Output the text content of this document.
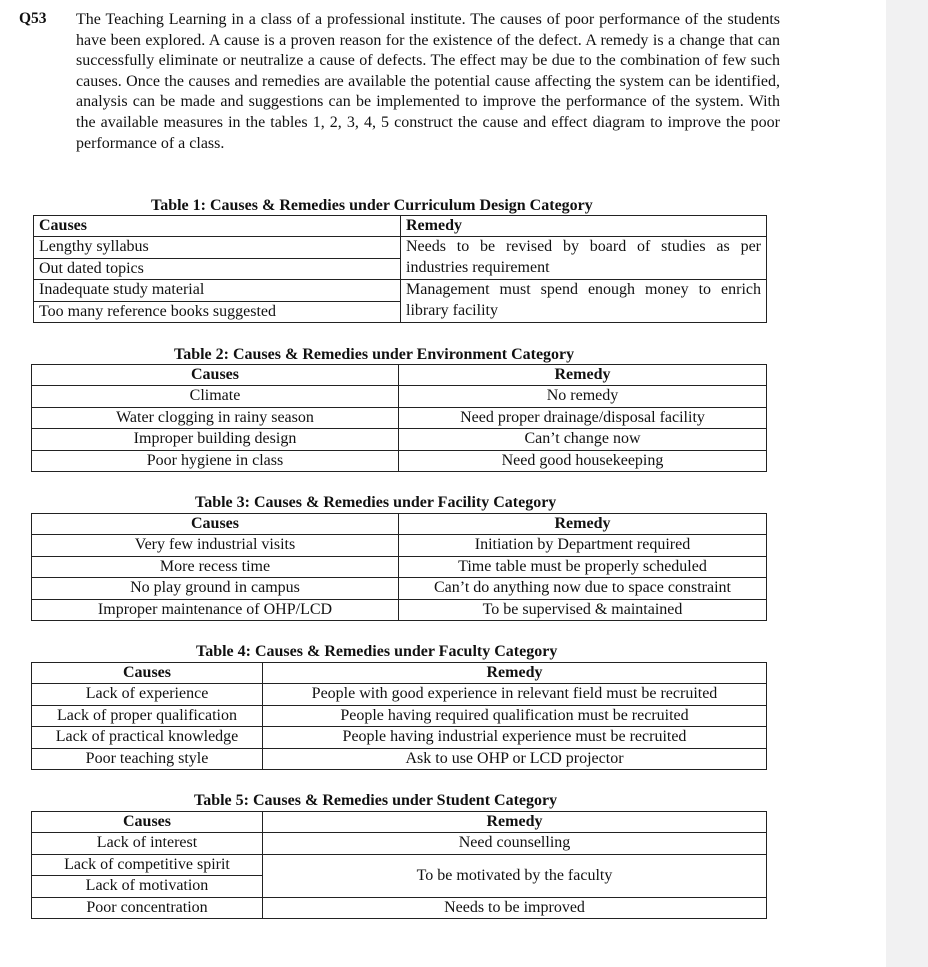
Q53 The Teaching Learning in a class of a professional institute. The causes of poor performance of the students have been explored. A cause is a proven reason for the existence of the defect. A remedy is a change that can successfully eliminate or neutralize a cause of defects. The effect may be due to the combination of few such causes. Once the causes and remedies are available the potential cause affecting the system can be identified, analysis can be made and suggestions can be implemented to improve the performance of the system. With the available measures in the tables 1, 2, 3, 4, 5 construct the cause and effect diagram to improve the poor performance of a class.

Table 1: Causes & Remedies under Curriculum Design Category
Causes	Remedy
Lengthy syllabus	Needs to be revised by board of studies as per industries requirement
Out dated topics	
Inadequate study material	Management must spend enough money to enrich library facility
Too many reference books suggested	
Table 2: Causes & Remedies under Environment Category
Causes	Remedy
Climate	No remedy
Water clogging in rainy season	Need proper drainage/disposal facility
Improper building design	Can’t change now
Poor hygiene in class	Need good housekeeping
Table 3: Causes & Remedies under Facility Category
Causes	Remedy
Very few industrial visits	Initiation by Department required
More recess time	Time table must be properly scheduled
No play ground in campus	Can’t do anything now due to space constraint
Improper maintenance of OHP/LCD	To be supervised & maintained
Table 4: Causes & Remedies under Faculty Category
Causes	Remedy
Lack of experience	People with good experience in relevant field must be recruited
Lack of proper qualification	People having required qualification must be recruited
Lack of practical knowledge	People having industrial experience must be recruited
Poor teaching style	Ask to use OHP or LCD projector
Table 5: Causes & Remedies under Student Category
Causes	Remedy
Lack of interest	Need counselling
Lack of competitive spirit	To be motivated by the faculty
Lack of motivation	
Poor concentration	Needs to be improved
